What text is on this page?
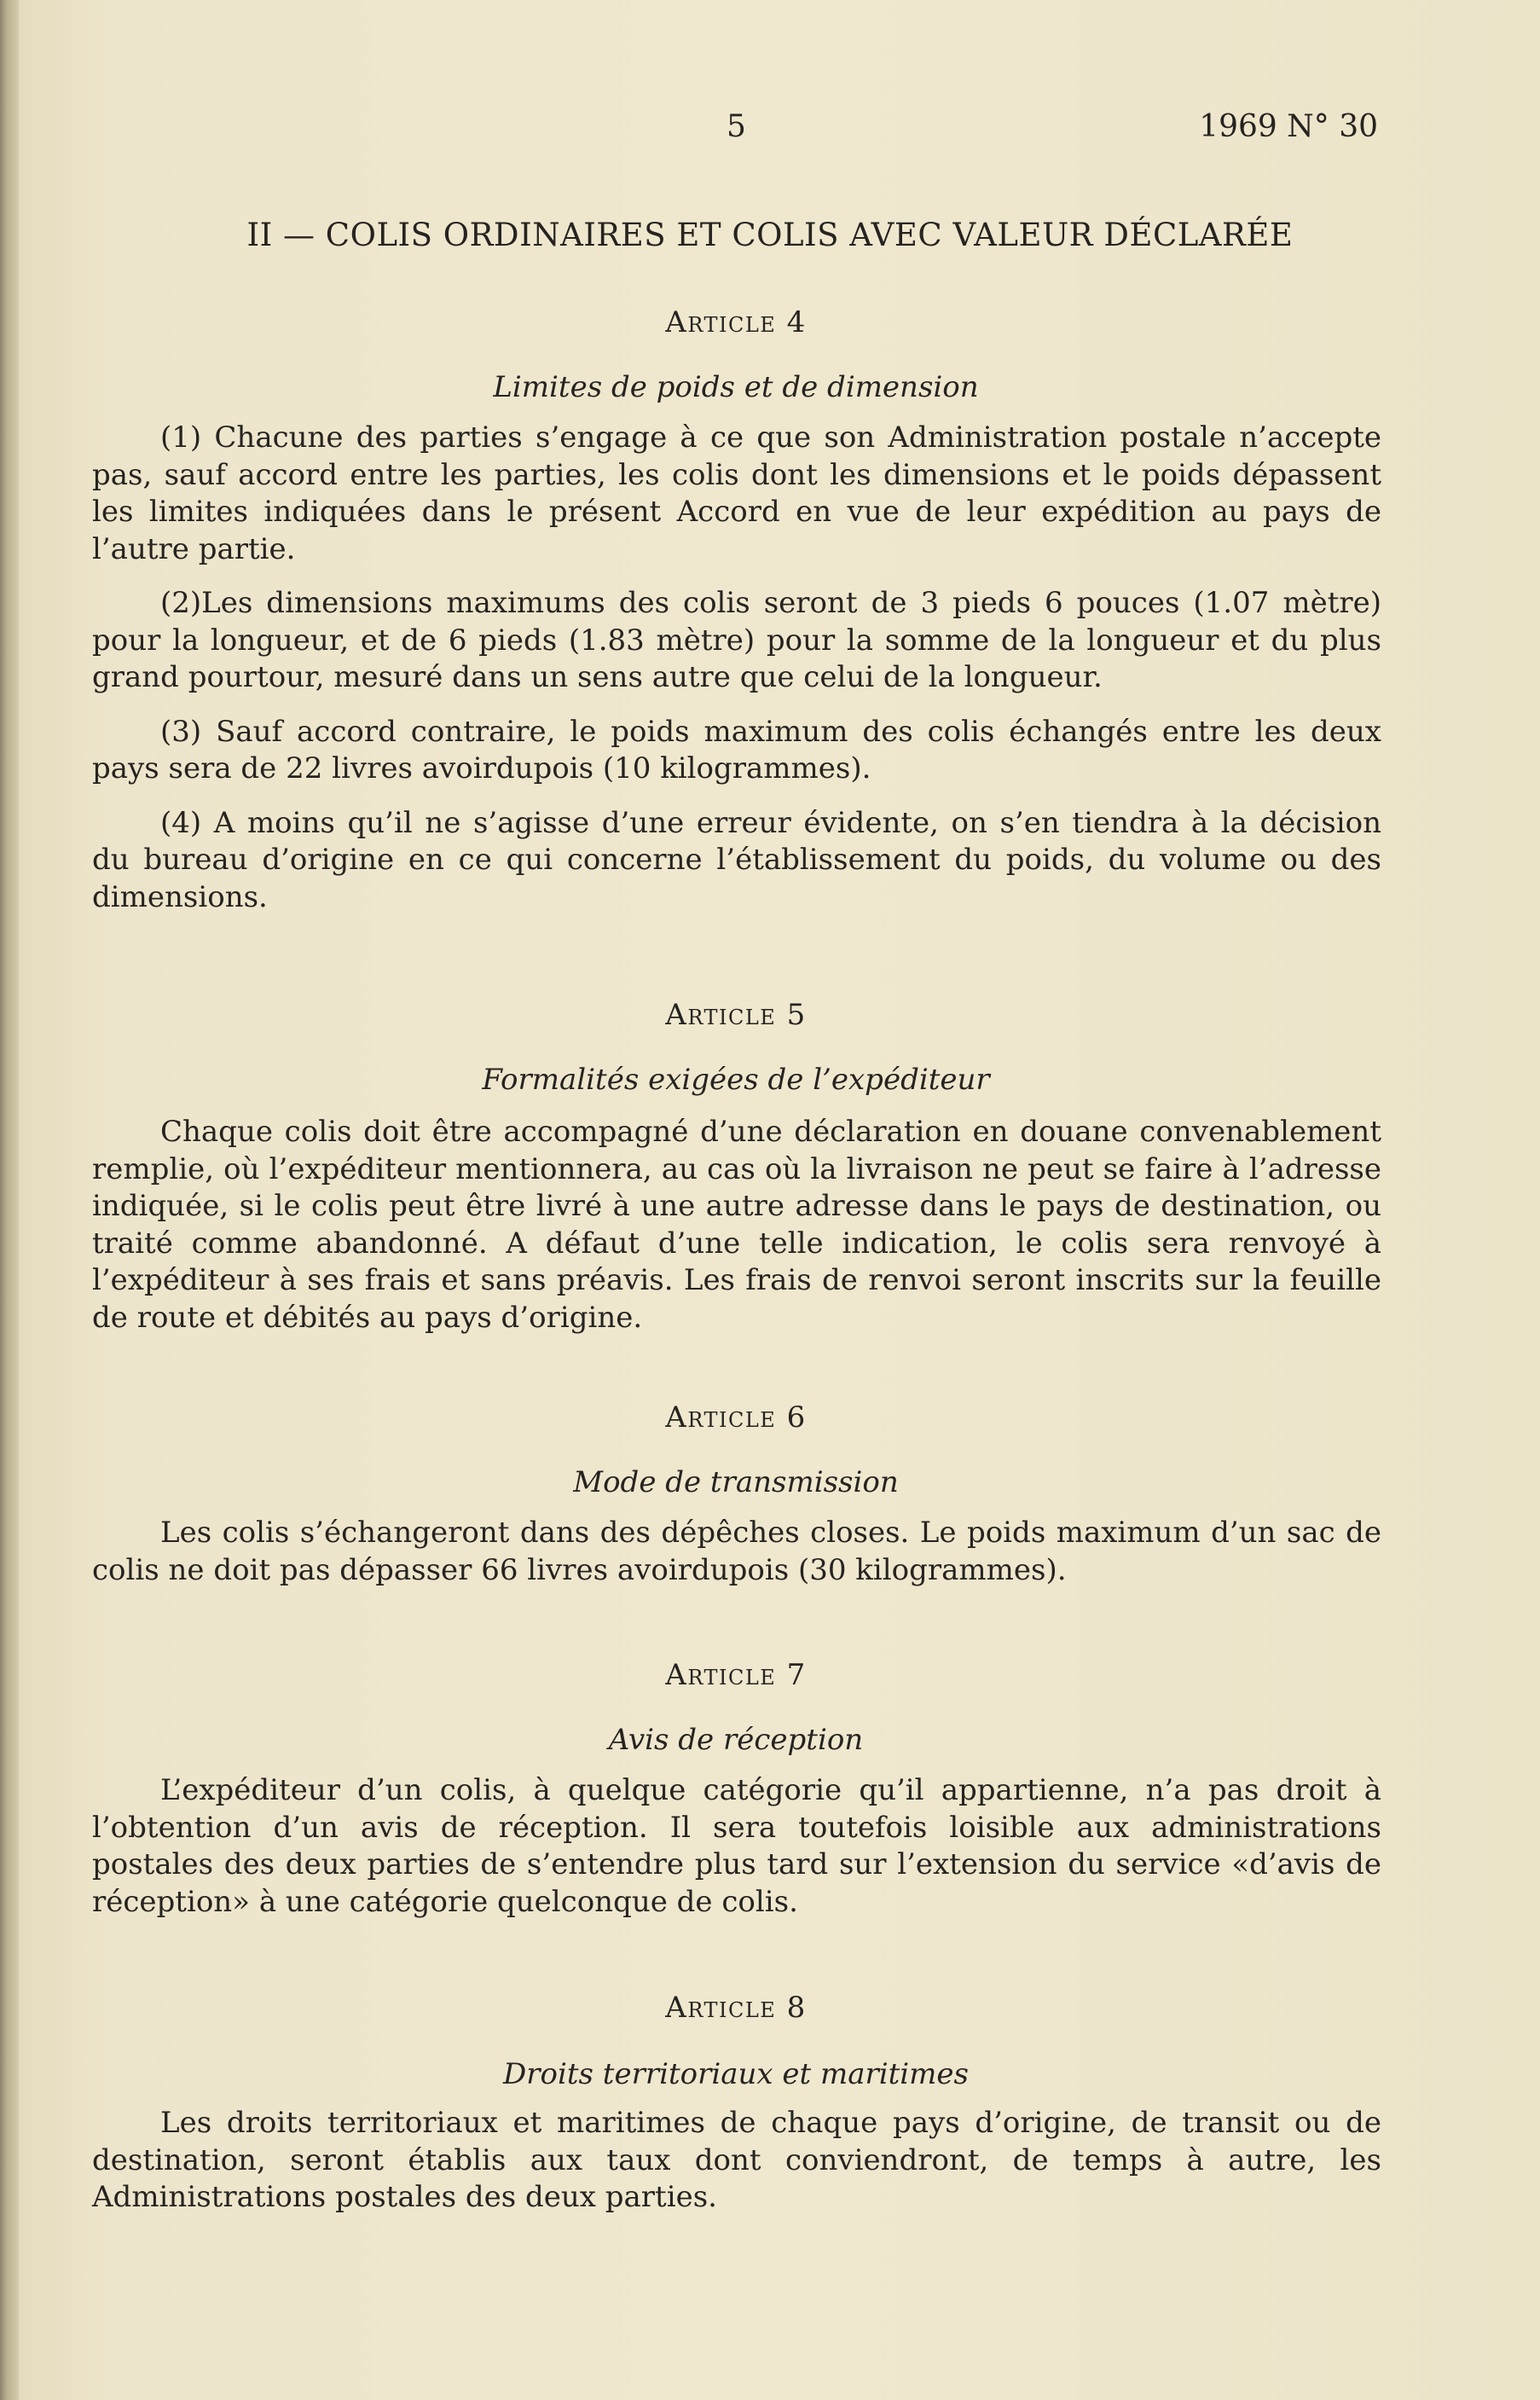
5	1969 N° 30
II — COLIS ORDINAIRES ET COLIS AVEC VALEUR DÉCLARÉE
Article 4
Limites de poids et de dimension

(1) Chacune des parties s’engage à ce que son Administration postale n’accepte pas, sauf accord entre les parties, les colis dont les dimensions et le poids dépassent les limites indiquées dans le présent Accord en vue de leur expédition au pays de l’autre partie.

(2)Les dimensions maximums des colis seront de 3 pieds 6 pouces (1.07 mètre) pour la longueur, et de 6 pieds (1.83 mètre) pour la somme de la longueur et du plus grand pourtour, mesuré dans un sens autre que celui de la longueur.

(3) Sauf accord contraire, le poids maximum des colis échangés entre les deux pays sera de 22 livres avoirdupois (10 kilogrammes).

(4) A moins qu’il ne s’agisse d’une erreur évidente, on s’en tiendra à la décision du bureau d’origine en ce qui concerne l’établissement du poids, du volume ou des dimensions.

Article 5
Formalités exigées de l’expéditeur

Chaque colis doit être accompagné d’une déclaration en douane convenablement remplie, où l’expéditeur mentionnera, au cas où la livraison ne peut se faire à l’adresse indiquée, si le colis peut être livré à une autre adresse dans le pays de destination, ou traité comme abandonné. A défaut d’une telle indication, le colis sera renvoyé à l’expéditeur à ses frais et sans préavis. Les frais de renvoi seront inscrits sur la feuille de route et débités au pays d’origine.

Article 6
Mode de transmission

Les colis s’échangeront dans des dépêches closes. Le poids maximum d’un sac de colis ne doit pas dépasser 66 livres avoirdupois (30 kilogrammes).

Article 7
Avis de réception

L’expéditeur d’un colis, à quelque catégorie qu’il appartienne, n’a pas droit à l’obtention d’un avis de réception. Il sera toutefois loisible aux administrations postales des deux parties de s’entendre plus tard sur l’extension du service «d’avis de réception» à une catégorie quelconque de colis.

Article 8
Droits territoriaux et maritimes

Les droits territoriaux et maritimes de chaque pays d’origine, de transit ou de destination, seront établis aux taux dont conviendront, de temps à autre, les Administrations postales des deux parties.
